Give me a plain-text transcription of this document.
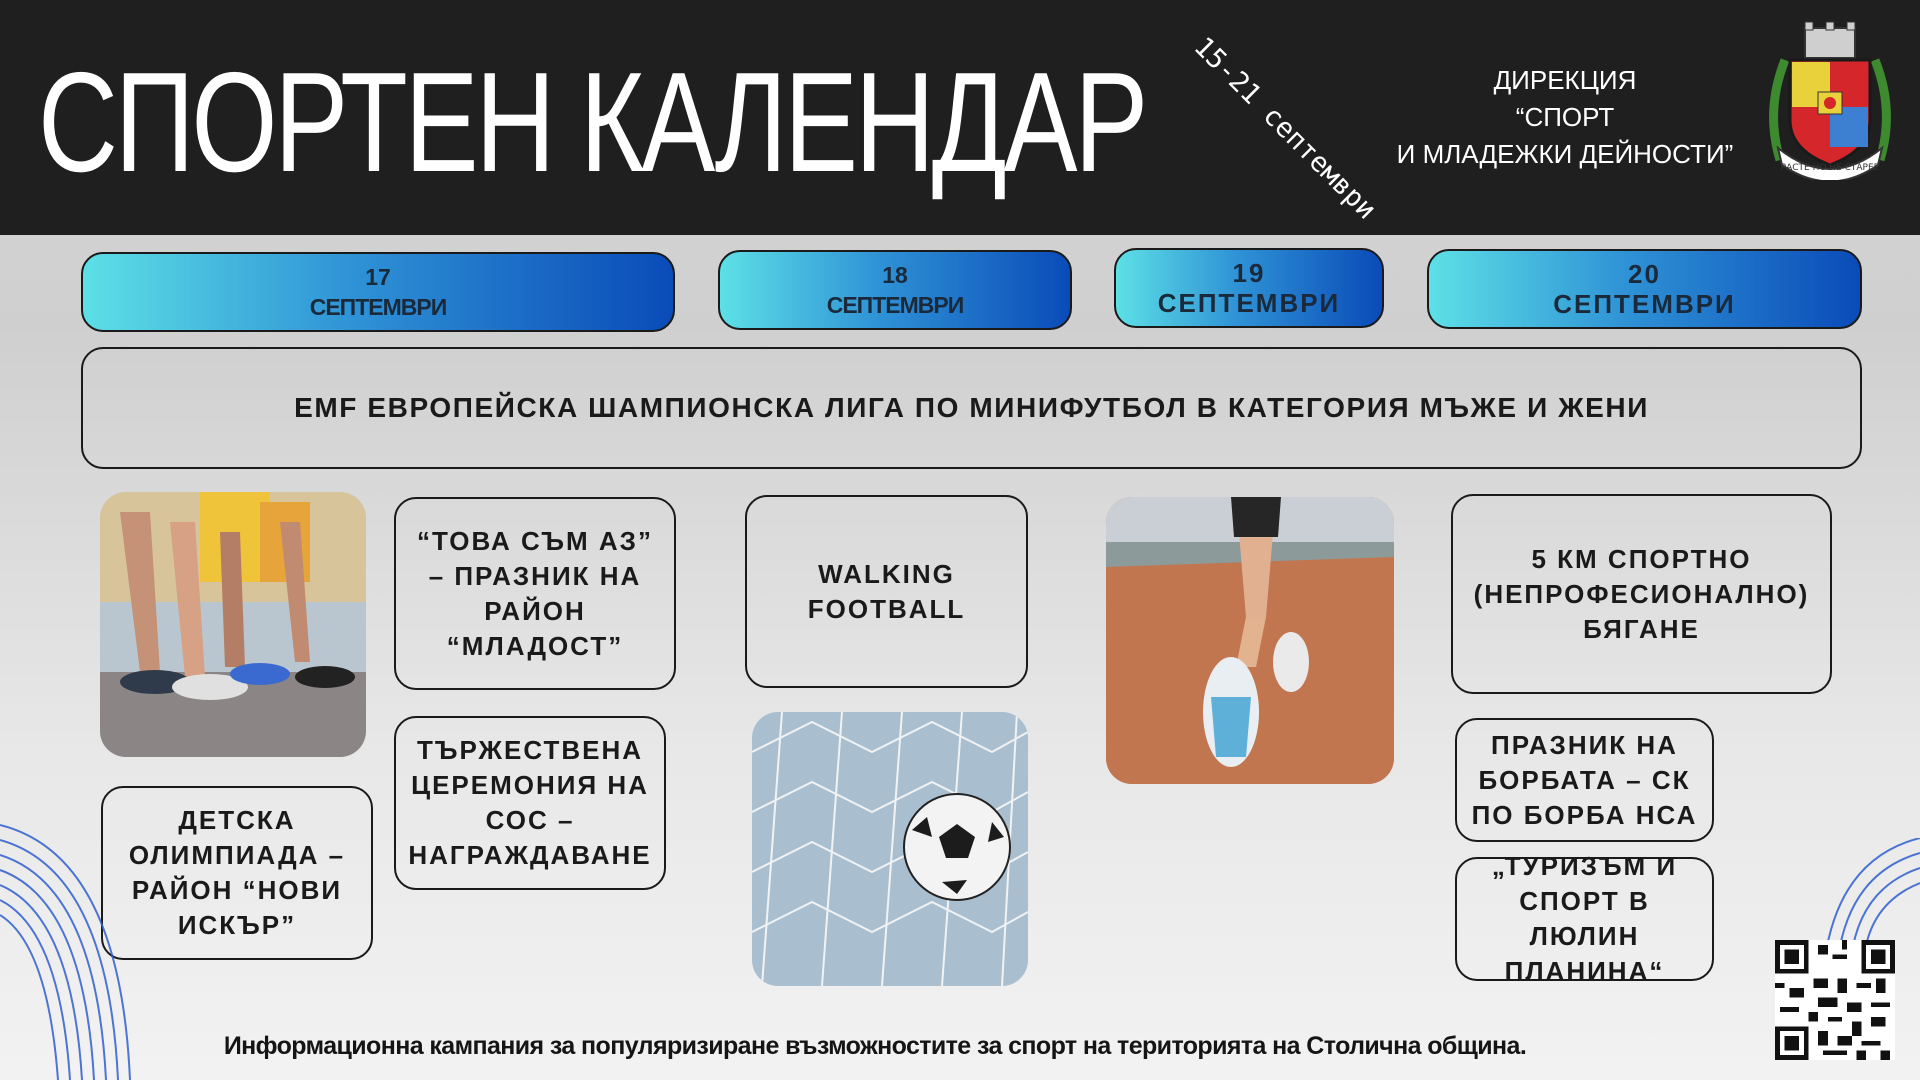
СПОРТЕН КАЛЕНДАР 15-21 септември	ДИРЕКЦИЯ
“СПОРТ
И МЛАДЕЖКИ ДЕЙНОСТИ”	РАСТЕ НО НЕ СТАРЕЕ
17
СЕПТЕМВРИ
18
СЕПТЕМВРИ
19
СЕПТЕМВРИ
20
СЕПТЕМВРИ
EMF ЕВРОПЕЙСКА ШАМПИОНСКА ЛИГА ПО МИНИФУТБОЛ В КАТЕГОРИЯ МЪЖЕ И ЖЕНИ
“ТОВА СЪМ АЗ” – ПРАЗНИК НА РАЙОН “МЛАДОСТ”
ТЪРЖЕСТВЕНА ЦЕРЕМОНИЯ НА СОС – НАГРАЖДАВАНЕ
ДЕТСКА ОЛИМПИАДА – РАЙОН “НОВИ ИСКЪР”
WALKING FOOTBALL
5 КМ СПОРТНО (НЕПРОФЕСИОНАЛНО) БЯГАНЕ
ПРАЗНИК НА БОРБАТА – СК ПО БОРБА НСА
„ТУРИЗЪМ И СПОРТ В ЛЮЛИН ПЛАНИНА“
Информационна кампания за популяризиране възможностите за спорт на територията на Столична община.
